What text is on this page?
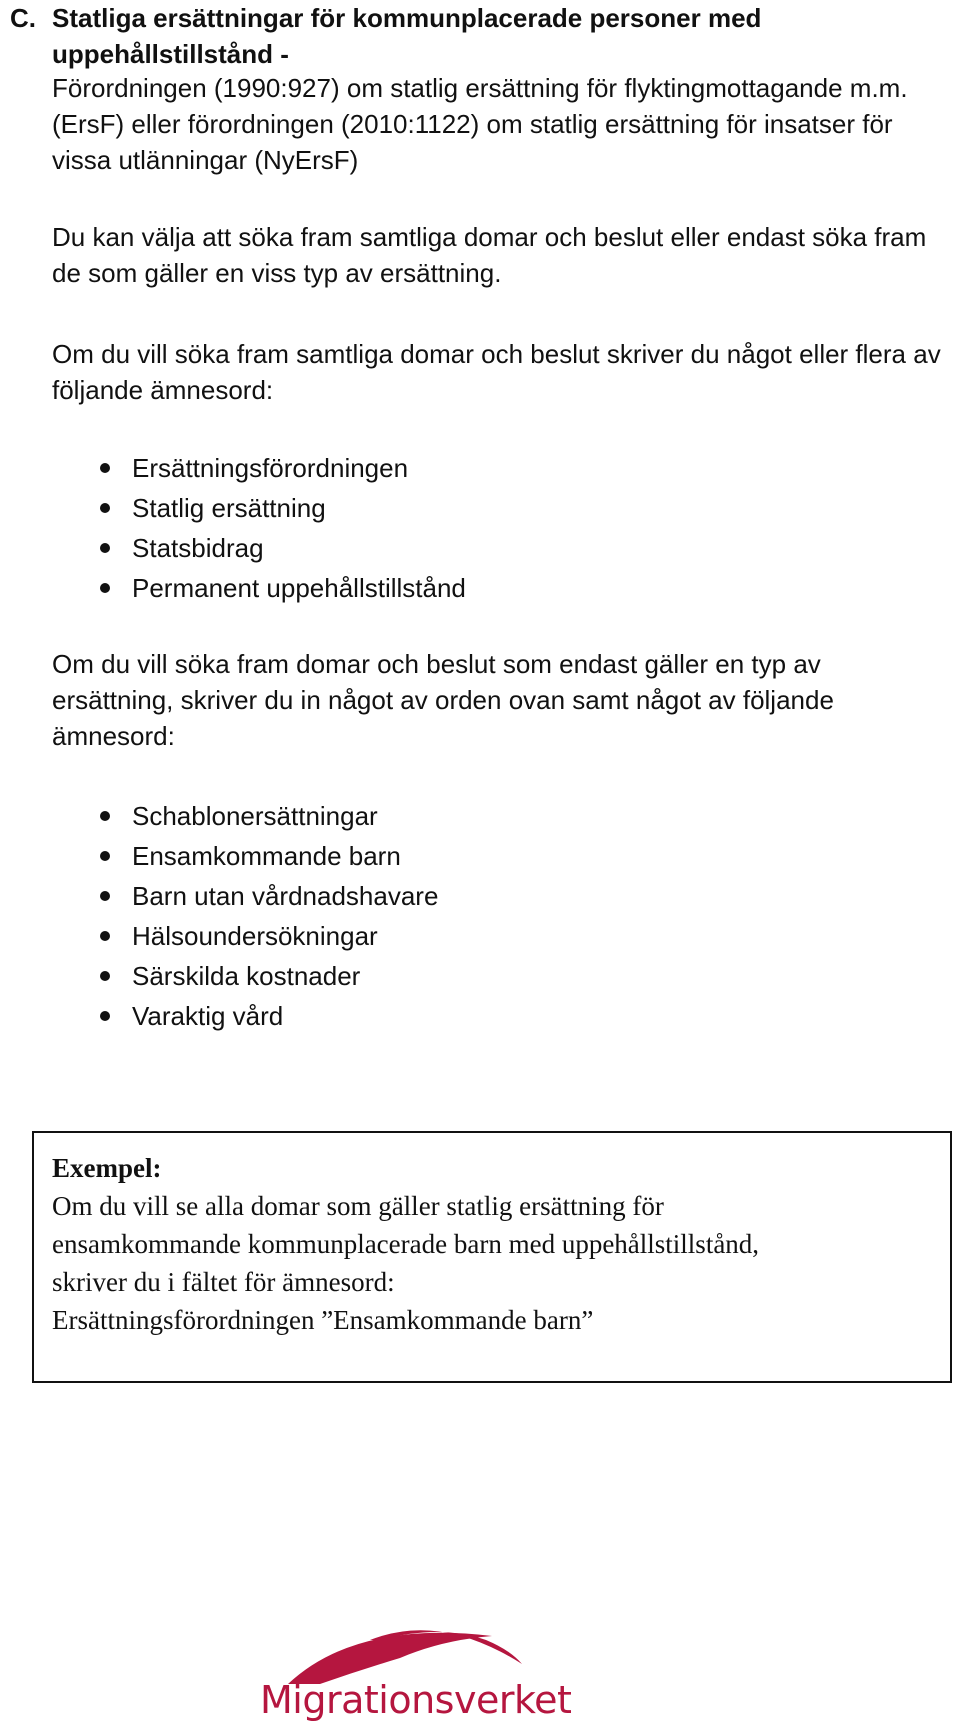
C. Statliga ersättningar för kommunplacerade personer med
uppehållstillstånd -

Förordningen (1990:927) om statlig ersättning för flyktingmottagande m.m. (ErsF) eller förordningen (2010:1122) om statlig ersättning för insatser för vissa utlänningar (NyErsF)

Du kan välja att söka fram samtliga domar och beslut eller endast söka fram de som gäller en viss typ av ersättning.

Om du vill söka fram samtliga domar och beslut skriver du något eller flera av följande ämnesord:

Ersättningsförordningen
Statlig ersättning
Statsbidrag
Permanent uppehållstillstånd

Om du vill söka fram domar och beslut som endast gäller en typ av ersättning, skriver du in något av orden ovan samt något av följande ämnesord:

Schablonersättningar
Ensamkommande barn
Barn utan vårdnadshavare
Hälsoundersökningar
Särskilda kostnader
Varaktig vård
Exempel:
Om du vill se alla domar som gäller statlig ersättning för
ensamkommande kommunplacerade barn med uppehållstillstånd,
skriver du i fältet för ämnesord:
Ersättningsförordningen ”Ensamkommande barn”
Migrationsverket
